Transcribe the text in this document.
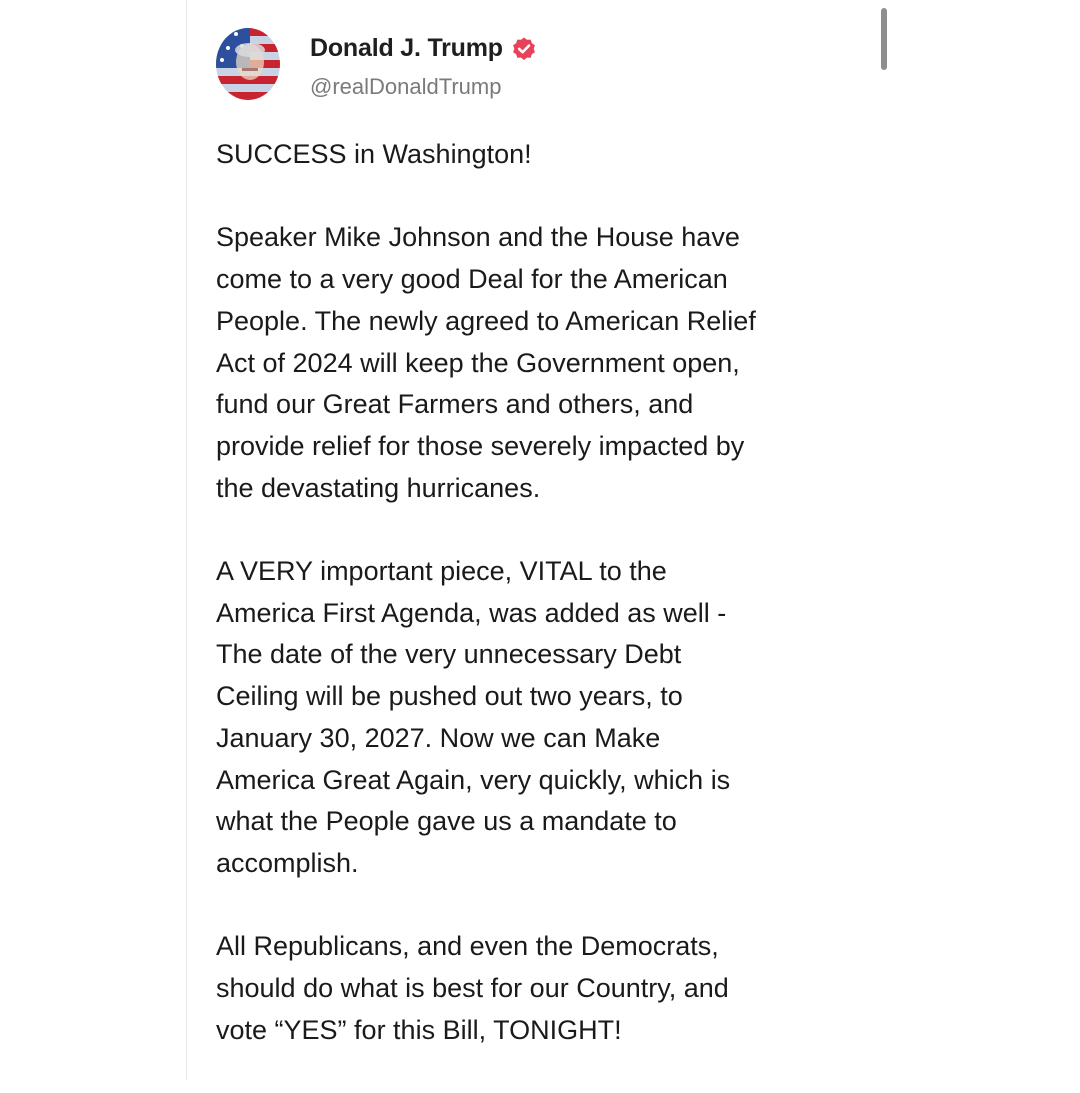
Donald J. Trump
@realDonaldTrump

SUCCESS in Washington!

Speaker Mike Johnson and the House have
come to a very good Deal for the American
People. The newly agreed to American Relief
Act of 2024 will keep the Government open,
fund our Great Farmers and others, and
provide relief for those severely impacted by
the devastating hurricanes.

A VERY important piece, VITAL to the
America First Agenda, was added as well -
The date of the very unnecessary Debt
Ceiling will be pushed out two years, to
January 30, 2027. Now we can Make
America Great Again, very quickly, which is
what the People gave us a mandate to
accomplish.

All Republicans, and even the Democrats,
should do what is best for our Country, and
vote “YES” for this Bill, TONIGHT!
